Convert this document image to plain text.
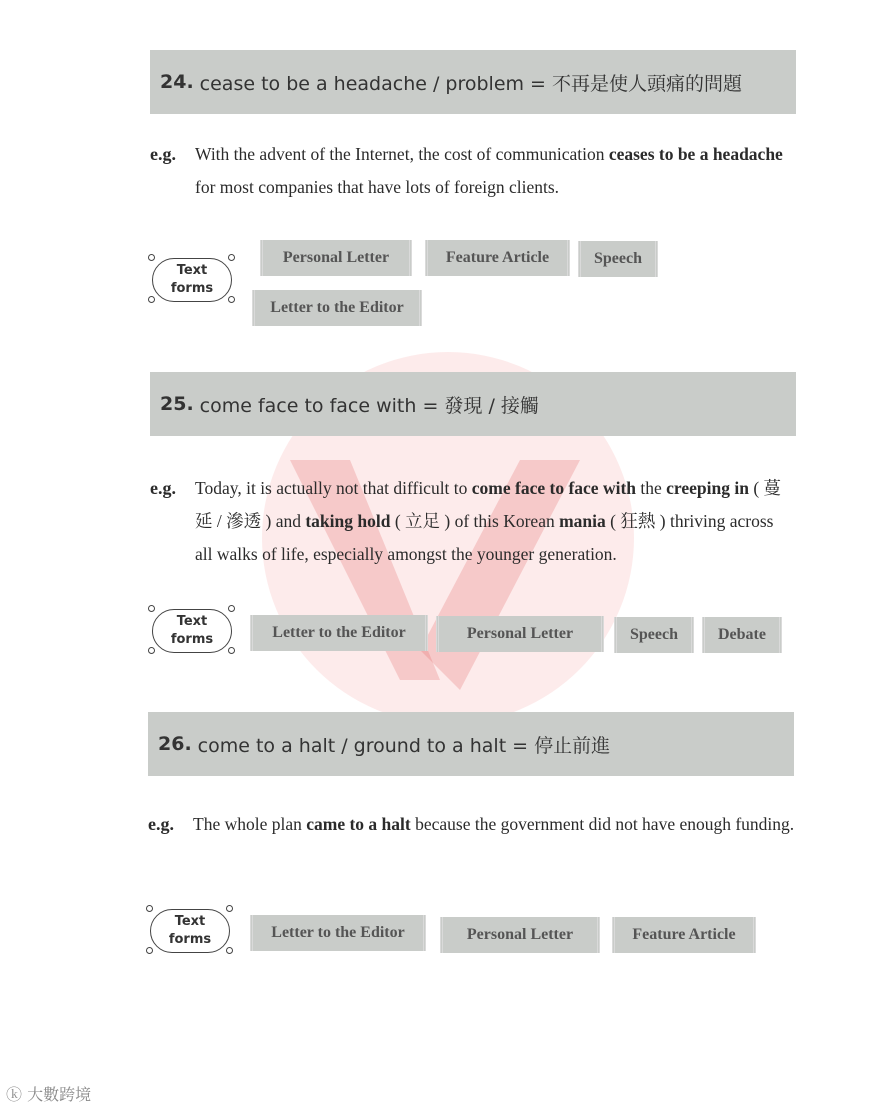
24. cease to be a headache / problem = 不再是使人頭痛的問題
e.g. With the advent of the Internet, the cost of communication ceases to be a headache for most companies that have lots of foreign clients.
Text
forms
Personal Letter	Feature Article	Speech
Letter to the Editor
25. come face to face with = 發現 / 接觸
e.g. Today, it is actually not that difficult to come face to face with the creeping in ( 蔓延 / 滲透 ) and taking hold ( 立足 ) of this Korean mania ( 狂熱 ) thriving across all walks of life, especially amongst the younger generation.
Text
forms	Letter to the Editor	Personal Letter	Speech	Debate
26. come to a halt / ground to a halt = 停止前進
e.g. The whole plan came to a halt because the government did not have enough funding.
Text
forms	Letter to the Editor	Personal Letter	Feature Article
ⓚ 大數跨境
